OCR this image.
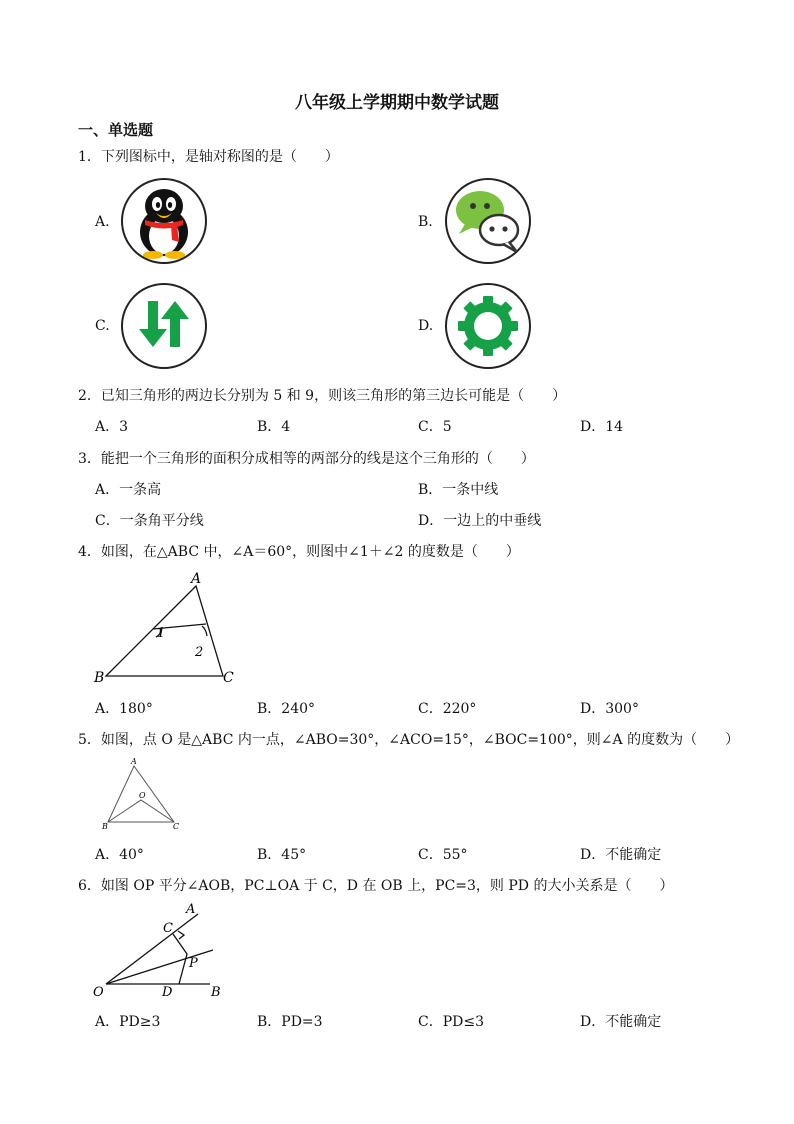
八年级上学期期中数学试题
一、单选题
1．下列图标中，是轴对称图的是（　　）
A.	B.
C.	D.
2．已知三角形的两边长分别为 5 和 9，则该三角形的第三边长可能是（　　）
A．3	B．4	C．5	D．14
3．能把一个三角形的面积分成相等的两部分的线是这个三角形的（　　）
A．一条高	B．一条中线
C．一条角平分线	D．一边上的中垂线
4．如图，在△ABC 中，∠A＝60°，则图中∠1＋∠2 的度数是（　　）
A
B	C
1
2
A．180°	B．240°	C．220°	D．300°
5．如图，点 O 是△ABC 内一点，∠ABO=30°，∠ACO=15°，∠BOC=100°，则∠A 的度数为（　　）
A
O
B	C
A．40°	B．45°	C．55°	D．不能确定
6．如图 OP 平分∠AOB，PC⊥OA 于 C，D 在 OB 上，PC=3，则 PD 的大小关系是（　　）
A
C
P
O	D	B
A．PD≥3	B．PD=3	C．PD≤3	D．不能确定
